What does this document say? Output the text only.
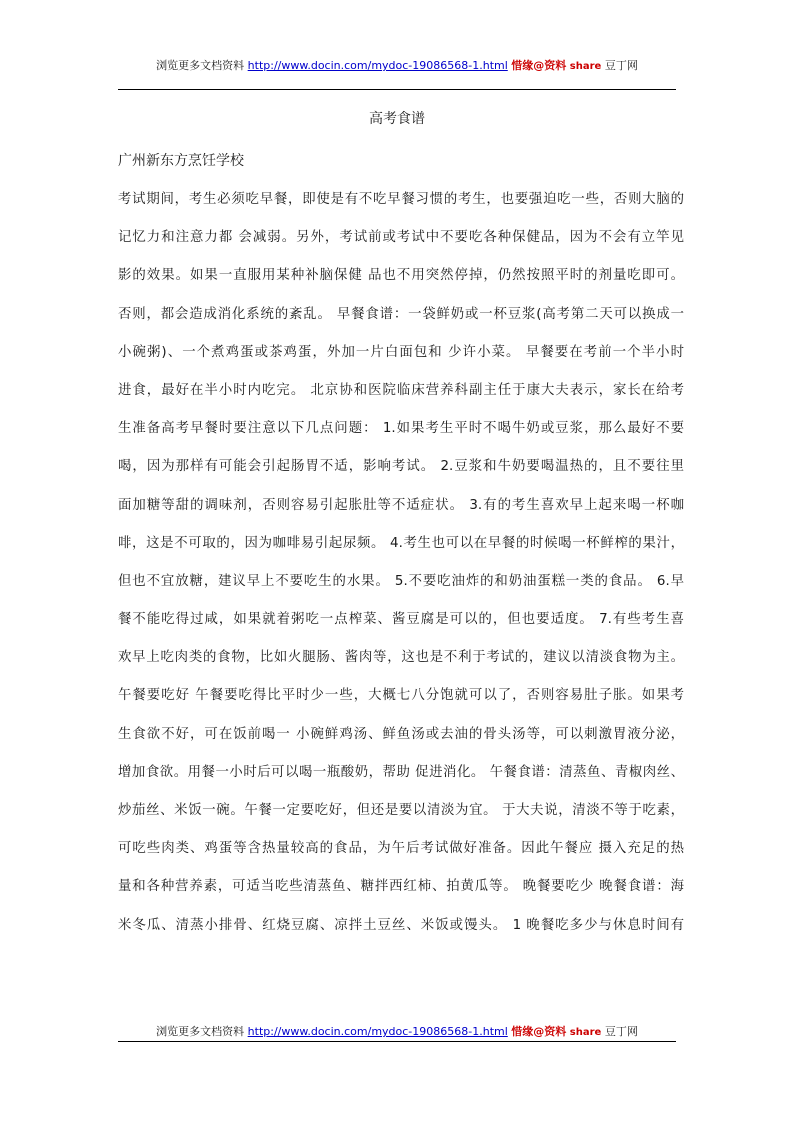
浏览更多文档资料 http://www.docin.com/mydoc-19086568-1.html 惜缘@资料 share 豆丁网
高考食谱
广州新东方烹饪学校
考试期间，考生必须吃早餐，即使是有不吃早餐习惯的考生，也要强迫吃一些，否则大脑的
记忆力和注意力都 会减弱。另外，考试前或考试中不要吃各种保健品，因为不会有立竿见
影的效果。如果一直服用某种补脑保健 品也不用突然停掉，仍然按照平时的剂量吃即可。
否则，都会造成消化系统的紊乱。 早餐食谱：一袋鲜奶或一杯豆浆(高考第二天可以换成一
小碗粥)、一个煮鸡蛋或茶鸡蛋，外加一片白面包和 少许小菜。 早餐要在考前一个半小时
进食，最好在半小时内吃完。 北京协和医院临床营养科副主任于康大夫表示，家长在给考
生准备高考早餐时要注意以下几点问题： 1.如果考生平时不喝牛奶或豆浆，那么最好不要
喝，因为那样有可能会引起肠胃不适，影响考试。 2.豆浆和牛奶要喝温热的，且不要往里
面加糖等甜的调味剂，否则容易引起胀肚等不适症状。 3.有的考生喜欢早上起来喝一杯咖
啡，这是不可取的，因为咖啡易引起尿频。 4.考生也可以在早餐的时候喝一杯鲜榨的果汁，
但也不宜放糖，建议早上不要吃生的水果。 5.不要吃油炸的和奶油蛋糕一类的食品。 6.早
餐不能吃得过咸，如果就着粥吃一点榨菜、酱豆腐是可以的，但也要适度。 7.有些考生喜
欢早上吃肉类的食物，比如火腿肠、酱肉等，这也是不利于考试的，建议以清淡食物为主。
午餐要吃好 午餐要吃得比平时少一些，大概七八分饱就可以了，否则容易肚子胀。如果考
生食欲不好，可在饭前喝一 小碗鲜鸡汤、鲜鱼汤或去油的骨头汤等，可以刺激胃液分泌，
增加食欲。用餐一小时后可以喝一瓶酸奶，帮助 促进消化。 午餐食谱：清蒸鱼、青椒肉丝、
炒茄丝、米饭一碗。午餐一定要吃好，但还是要以清淡为宜。 于大夫说，清淡不等于吃素，
可吃些肉类、鸡蛋等含热量较高的食品，为午后考试做好准备。因此午餐应 摄入充足的热
量和各种营养素，可适当吃些清蒸鱼、糖拌西红柿、拍黄瓜等。 晚餐要吃少 晚餐食谱：海
米冬瓜、清蒸小排骨、红烧豆腐、凉拌土豆丝、米饭或馒头。 1 晚餐吃多少与休息时间有
浏览更多文档资料 http://www.docin.com/mydoc-19086568-1.html 惜缘@资料 share 豆丁网
